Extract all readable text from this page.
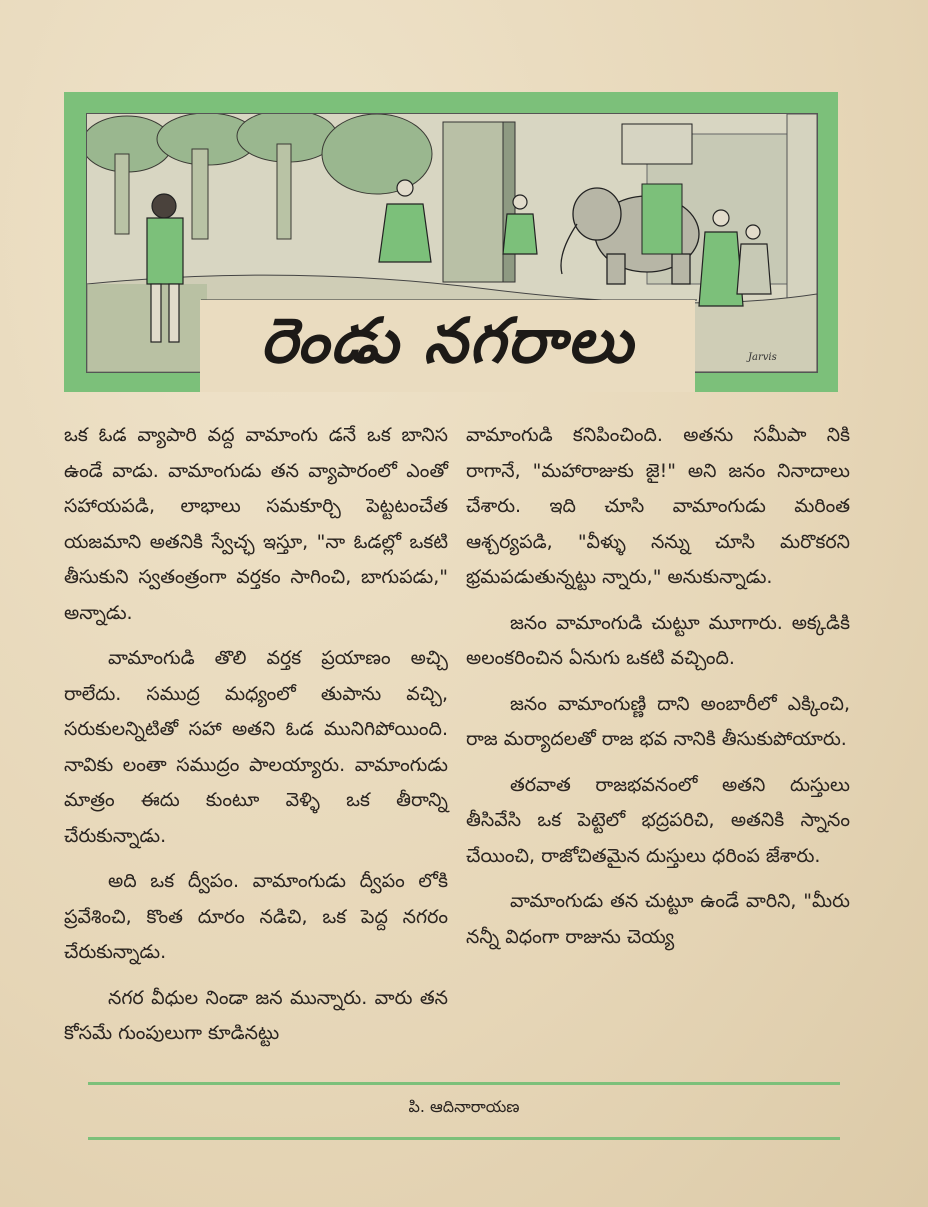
రెండు నగరాలు	Jarvis

ఒక ఓడ వ్యాపారి వద్ద వామాంగు డనే ఒక బానిస ఉండే వాడు. వామాంగుడు తన వ్యాపారంలో ఎంతో సహాయపడి, లాభాలు సమకూర్చి పెట్టటంచేత యజమాని అతనికి స్వేచ్ఛ ఇస్తూ, "నా ఓడల్లో ఒకటి తీసుకుని స్వతంత్రంగా వర్తకం సాగించి, బాగుపడు," అన్నాడు.

వామాంగుడి తొలి వర్తక ప్రయాణం అచ్చి రాలేదు. సముద్ర మధ్యంలో తుపాను వచ్చి, సరుకులన్నిటితో సహా అతని ఓడ మునిగిపోయింది. నావికు లంతా సముద్రం పాలయ్యారు. వామాంగుడు మాత్రం ఈదు కుంటూ వెళ్ళి ఒక తీరాన్ని చేరుకున్నాడు.

అది ఒక ద్వీపం. వామాంగుడు ద్వీపం లోకి ప్రవేశించి, కొంత దూరం నడిచి, ఒక పెద్ద నగరం చేరుకున్నాడు.

నగర వీధుల నిండా జన మున్నారు. వారు తన కోసమే గుంపులుగా కూడినట్టు

వామాంగుడి కనిపించింది. అతను సమీపా నికి రాగానే, "మహారాజుకు జై!" అని జనం నినాదాలు చేశారు. ఇది చూసి వామాంగుడు మరింత ఆశ్చర్యపడి, "వీళ్ళు నన్ను చూసి మరొకరని భ్రమపడుతున్నట్టు న్నారు," అనుకున్నాడు.

జనం వామాంగుడి చుట్టూ మూగారు. అక్కడికి అలంకరించిన ఏనుగు ఒకటి వచ్చింది.

జనం వామాంగుణ్ణి దాని అంబారీలో ఎక్కించి, రాజ మర్యాదలతో రాజ భవ నానికి తీసుకుపోయారు.

తరవాత రాజభవనంలో అతని దుస్తులు తీసివేసి ఒక పెట్టెలో భద్రపరిచి, అతనికి స్నానం చేయించి, రాజోచితమైన దుస్తులు ధరింప జేశారు.

వామాంగుడు తన చుట్టూ ఉండే వారిని, "మీరు నన్నీ విధంగా రాజును చెయ్య

పి. ఆదినారాయణ
